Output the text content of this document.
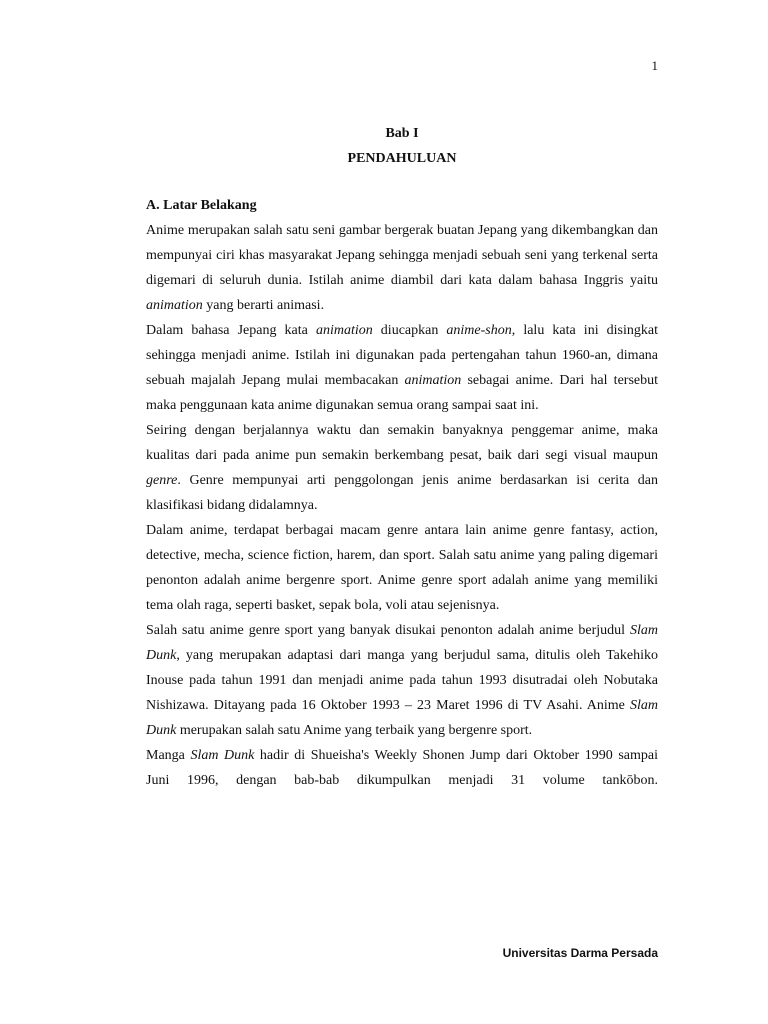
1
Bab I
PENDAHULUAN

A. Latar Belakang

Anime merupakan salah satu seni gambar bergerak buatan Jepang yang dikembangkan dan mempunyai ciri khas masyarakat Jepang sehingga menjadi sebuah seni yang terkenal serta digemari di seluruh dunia. Istilah anime diambil dari kata dalam bahasa Inggris yaitu animation yang berarti animasi.

Dalam bahasa Jepang kata animation diucapkan anime-shon, lalu kata ini disingkat sehingga menjadi anime. Istilah ini digunakan pada pertengahan tahun 1960-an, dimana sebuah majalah Jepang mulai membacakan animation sebagai anime. Dari hal tersebut maka penggunaan kata anime digunakan semua orang sampai saat ini.

Seiring dengan berjalannya waktu dan semakin banyaknya penggemar anime, maka kualitas dari pada anime pun semakin berkembang pesat, baik dari segi visual maupun genre. Genre mempunyai arti penggolongan jenis anime berdasarkan isi cerita dan klasifikasi bidang didalamnya.

Dalam anime, terdapat berbagai macam genre antara lain anime genre fantasy, action, detective, mecha, science fiction, harem, dan sport. Salah satu anime yang paling digemari penonton adalah anime bergenre sport. Anime genre sport adalah anime yang memiliki tema olah raga, seperti basket, sepak bola, voli atau sejenisnya.

Salah satu anime genre sport yang banyak disukai penonton adalah anime berjudul Slam Dunk, yang merupakan adaptasi dari manga yang berjudul sama, ditulis oleh Takehiko Inouse pada tahun 1991 dan menjadi anime pada tahun 1993 disutradai oleh Nobutaka Nishizawa. Ditayang pada 16 Oktober 1993 – 23 Maret 1996 di TV Asahi. Anime Slam Dunk merupakan salah satu Anime yang terbaik yang bergenre sport.

Manga Slam Dunk hadir di Shueisha's Weekly Shonen Jump dari Oktober 1990 sampai Juni 1996, dengan bab-bab dikumpulkan menjadi 31 volume tankōbon.

Universitas Darma Persada
